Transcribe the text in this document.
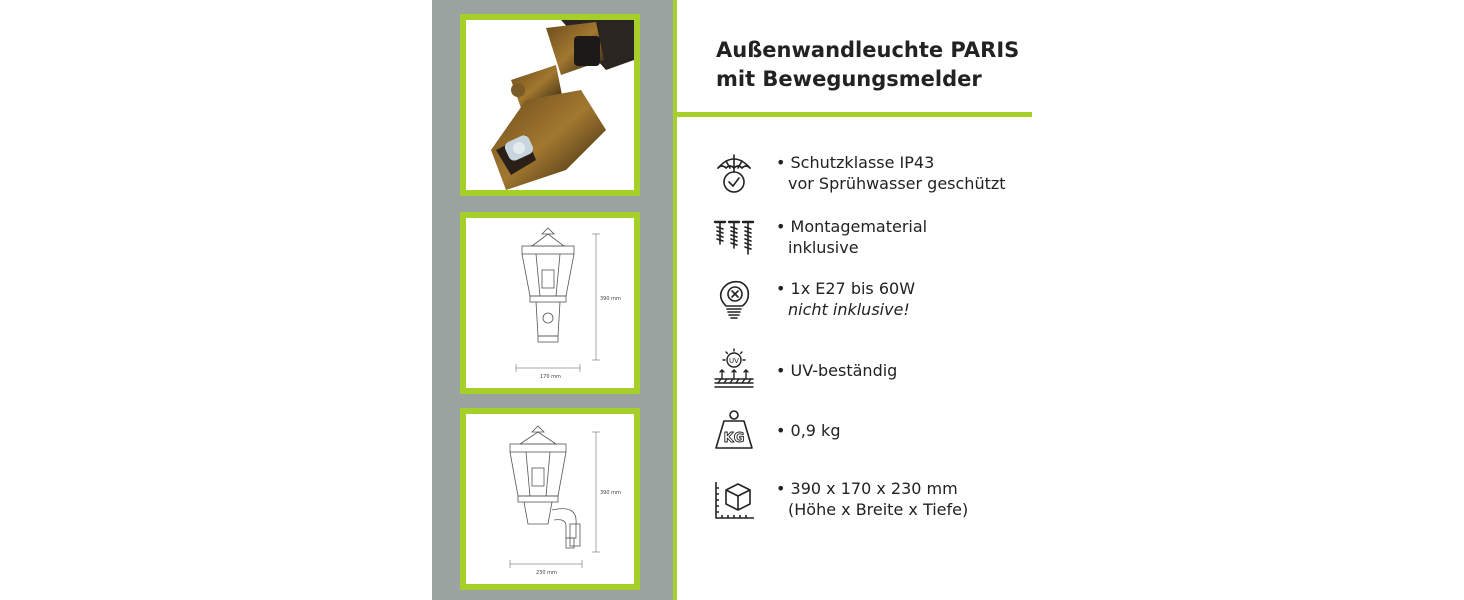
390 mm
170 mm
390 mm
230 mm
Außenwandleuchte PARIS
mit Bewegungsmelder
• Schutzklasse IP43
vor Sprühwasser geschützt
• Montagematerial
inklusive
• 1x E27 bis 60W
nicht inklusive!
UV • UV-beständig
KG • 0,9 kg
• 390 x 170 x 230 mm
(Höhe x Breite x Tiefe)
